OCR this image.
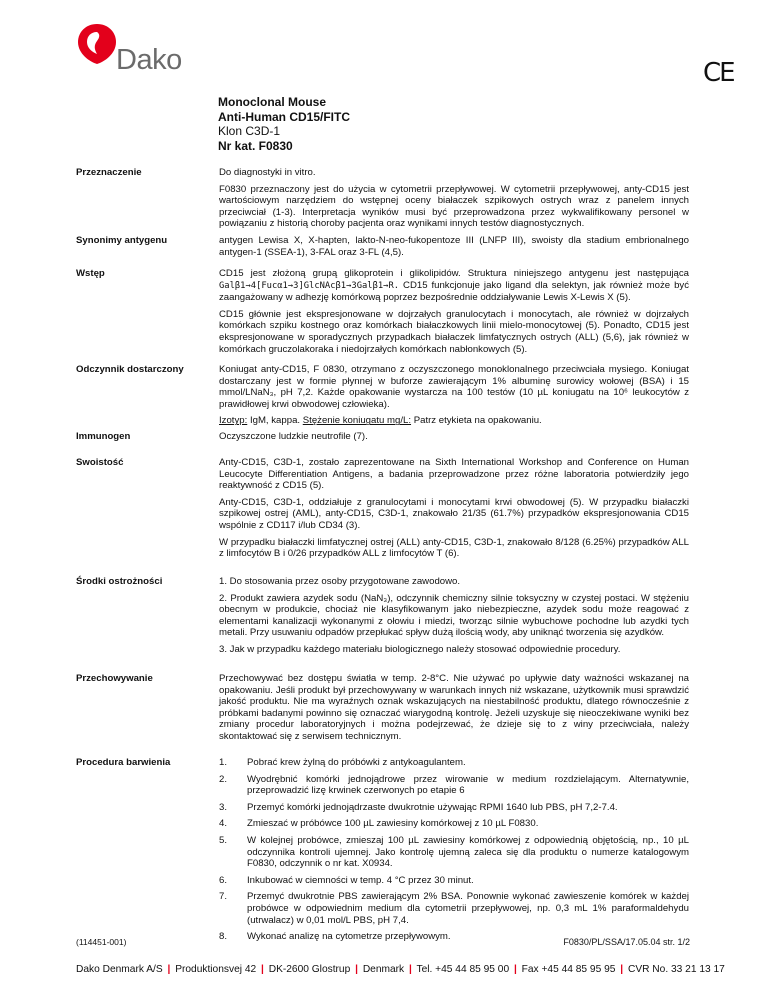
Dako	CE
Monoclonal Mouse
Anti-Human CD15/FITC
Klon C3D-1
Nr kat. F0830
Przeznaczenie	Do diagnostyki in vitro.

F0830 przeznaczony jest do użycia w cytometrii przepływowej. W cytometrii przepływowej, anty-CD15 jest wartościowym narzędziem do wstępnej oceny białaczek szpikowych ostrych wraz z panelem innych przeciwciał (1-3). Interpretacja wyników musi być przeprowadzona przez wykwalifikowany personel w powiązaniu z historią choroby pacjenta oraz wynikami innych testów diagnostycznych.

Synonimy antygenu	antygen Lewisa X, X-hapten, lakto-N-neo-fukopentoze III (LNFP III), swoisty dla stadium embrionalnego antygen-1 (SSEA-1), 3-FAL oraz 3-FL (4,5).

Wstęp	CD15 jest złożoną grupą glikoprotein i glikolipidów. Struktura niniejszego antygenu jest następująca Galβ1→4[Fucα1→3]GlcNAcβ1→3Galβ1→R. CD15 funkcjonuje jako ligand dla selektyn, jak również może być zaangażowany w adhezję komórkową poprzez bezpośrednie oddziaływanie Lewis X-Lewis X (5).

CD15 głównie jest ekspresjonowane w dojrzałych granulocytach i monocytach, ale również w dojrzałych komórkach szpiku kostnego oraz komórkach białaczkowych linii mielo-monocytowej (5). Ponadto, CD15 jest ekspresjonowane w sporadycznych przypadkach białaczek limfatycznych ostrych (ALL) (5,6), jak również w komórkach gruczolakoraka i niedojrzałych komórkach nabłonkowych (5).

Odczynnik dostarczony	Koniugat anty-CD15, F 0830, otrzymano z oczyszczonego monoklonalnego przeciwciała mysiego. Koniugat dostarczany jest w formie płynnej w buforze zawierającym 1% albuminę surowicy wołowej (BSA) i 15 mmol/LNaN₃, pH 7,2. Każde opakowanie wystarcza na 100 testów (10 µL koniugatu na 10⁶ leukocytów z prawidłowej krwi obwodowej człowieka).

Izotyp: IgM, kappa. Stężenie koniugatu mg/L: Patrz etykieta na opakowaniu.

Immunogen	Oczyszczone ludzkie neutrofile (7).

Swoistość	Anty-CD15, C3D-1, zostało zaprezentowane na Sixth International Workshop and Conference on Human Leucocyte Differentiation Antigens, a badania przeprowadzone przez różne laboratoria potwierdziły jego reaktywność z CD15 (5).

Anty-CD15, C3D-1, oddziałuje z granulocytami i monocytami krwi obwodowej (5). W przypadku białaczki szpikowej ostrej (AML), anty-CD15, C3D-1, znakowało 21/35 (61.7%) przypadków ekspresjonowania CD15 wspólnie z CD117 i/lub CD34 (3).

W przypadku białaczki limfatycznej ostrej (ALL) anty-CD15, C3D-1, znakowało 8/128 (6.25%) przypadków ALL z limfocytów B i 0/26 przypadków ALL z limfocytów T (6).

Środki ostrożności	1. Do stosowania przez osoby przygotowane zawodowo.

2. Produkt zawiera azydek sodu (NaN₃), odczynnik chemiczny silnie toksyczny w czystej postaci. W stężeniu obecnym w produkcie, chociaż nie klasyfikowanym jako niebezpieczne, azydek sodu może reagować z elementami kanalizacji wykonanymi z ołowiu i miedzi, tworząc silnie wybuchowe pochodne lub azydki tych metali. Przy usuwaniu odpadów przepłukać spływ dużą ilością wody, aby uniknąć tworzenia się azydków.

3. Jak w przypadku każdego materiału biologicznego należy stosować odpowiednie procedury.

Przechowywanie	Przechowywać bez dostępu światła w temp. 2-8°C. Nie używać po upływie daty ważności wskazanej na opakowaniu. Jeśli produkt był przechowywany w warunkach innych niż wskazane, użytkownik musi sprawdzić jakość produktu. Nie ma wyraźnych oznak wskazujących na niestabilność produktu, dlatego równocześnie z próbkami badanymi powinno się oznaczać wiarygodną kontrolę. Jeżeli uzyskuje się nieoczekiwane wyniki bez zmiany procedur laboratoryjnych i można podejrzewać, że dzieje się to z winy przeciwciała, należy skontaktować się z serwisem technicznym.

Procedura barwienia	1. Pobrać krew żylną do próbówki z antykoagulantem.
2. Wyodrębnić komórki jednojądrowe przez wirowanie w medium rozdzielającym. Alternatywnie, przeprowadzić lizę krwinek czerwonych po etapie 6
3. Przemyć komórki jednojądrzaste dwukrotnie używając RPMI 1640 lub PBS, pH 7,2-7.4.
4. Zmieszać w próbówce 100 µL zawiesiny komórkowej z 10 µL F0830.
5. W kolejnej probówce, zmieszaj 100 µL zawiesiny komórkowej z odpowiednią objętością, np., 10 µL odczynnika kontroli ujemnej. Jako kontrolę ujemną zaleca się dla produktu o numerze katalogowym F0830, odczynnik o nr kat. X0934.
6. Inkubować w ciemności w temp. 4 °C przez 30 minut.
7. Przemyć dwukrotnie PBS zawierającym 2% BSA. Ponownie wykonać zawieszenie komórek w każdej probówce w odpowiednim medium dla cytometrii przepływowej, np. 0,3 mL 1% paraformaldehydu (utrwalacz) w 0,01 mol/L PBS, pH 7,4.
8. Wykonać analizę na cytometrze przepływowym.
(114451-001)	F0830/PL/SSA/17.05.04 str. 1/2
Dako Denmark A/S | Produktionsvej 42 | DK-2600 Glostrup | Denmark | Tel. +45 44 85 95 00 | Fax +45 44 85 95 95 | CVR No. 33 21 13 17
